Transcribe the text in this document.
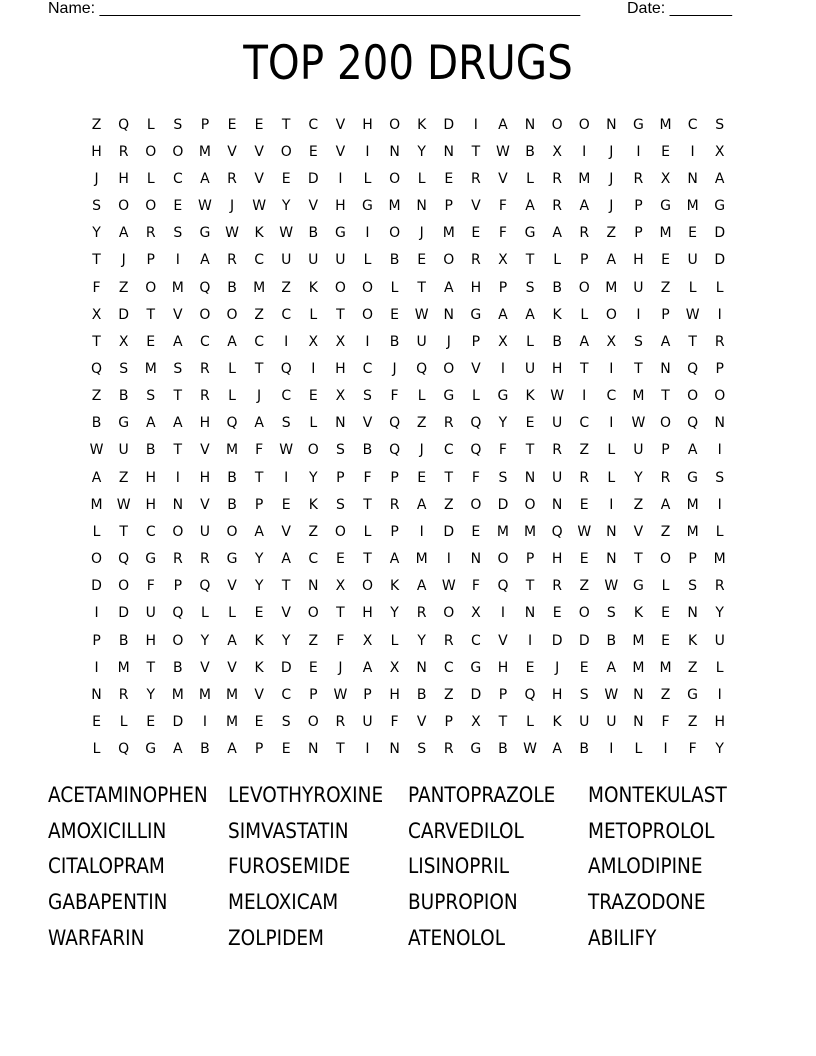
Name: ______________________________________________________	Date: _______
TOP 200 DRUGS
Z	Q	L	S	P	E	E	T	C	V	H	O	K	D	I	A	N	O	O	N	G	M	C	S
H	R	O	O	M	V	V	O	E	V	I	N	Y	N	T	W	B	X	I	J	I	E	I	X
J	H	L	C	A	R	V	E	D	I	L	O	L	E	R	V	L	R	M	J	R	X	N	A
S	O	O	E	W	J	W	Y	V	H	G	M	N	P	V	F	A	R	A	J	P	G	M	G
Y	A	R	S	G	W	K	W	B	G	I	O	J	M	E	F	G	A	R	Z	P	M	E	D
T	J	P	I	A	R	C	U	U	U	L	B	E	O	R	X	T	L	P	A	H	E	U	D
F	Z	O	M	Q	B	M	Z	K	O	O	L	T	A	H	P	S	B	O	M	U	Z	L	L
X	D	T	V	O	O	Z	C	L	T	O	E	W	N	G	A	A	K	L	O	I	P	W	I
T	X	E	A	C	A	C	I	X	X	I	B	U	J	P	X	L	B	A	X	S	A	T	R
Q	S	M	S	R	L	T	Q	I	H	C	J	Q	O	V	I	U	H	T	I	T	N	Q	P
Z	B	S	T	R	L	J	C	E	X	S	F	L	G	L	G	K	W	I	C	M	T	O	O
B	G	A	A	H	Q	A	S	L	N	V	Q	Z	R	Q	Y	E	U	C	I	W	O	Q	N
W	U	B	T	V	M	F	W	O	S	B	Q	J	C	Q	F	T	R	Z	L	U	P	A	I
A	Z	H	I	H	B	T	I	Y	P	F	P	E	T	F	S	N	U	R	L	Y	R	G	S
M	W	H	N	V	B	P	E	K	S	T	R	A	Z	O	D	O	N	E	I	Z	A	M	I
L	T	C	O	U	O	A	V	Z	O	L	P	I	D	E	M	M	Q	W	N	V	Z	M	L
O	Q	G	R	R	G	Y	A	C	E	T	A	M	I	N	O	P	H	E	N	T	O	P	M
D	O	F	P	Q	V	Y	T	N	X	O	K	A	W	F	Q	T	R	Z	W	G	L	S	R
I	D	U	Q	L	L	E	V	O	T	H	Y	R	O	X	I	N	E	O	S	K	E	N	Y
P	B	H	O	Y	A	K	Y	Z	F	X	L	Y	R	C	V	I	D	D	B	M	E	K	U
I	M	T	B	V	V	K	D	E	J	A	X	N	C	G	H	E	J	E	A	M	M	Z	L
N	R	Y	M	M	M	V	C	P	W	P	H	B	Z	D	P	Q	H	S	W	N	Z	G	I
E	L	E	D	I	M	E	S	O	R	U	F	V	P	X	T	L	K	U	U	N	F	Z	H
L	Q	G	A	B	A	P	E	N	T	I	N	S	R	G	B	W	A	B	I	L	I	F	Y
ACETAMINOPHEN LEVOTHYROXINE PANTOPRAZOLE	MONTEKULAST
AMOXICILLIN	SIMVASTATIN	CARVEDILOL	METOPROLOL
CITALOPRAM	FUROSEMIDE	LISINOPRIL	AMLODIPINE
GABAPENTIN	MELOXICAM	BUPROPION	TRAZODONE
WARFARIN	ZOLPIDEM	ATENOLOL	ABILIFY
